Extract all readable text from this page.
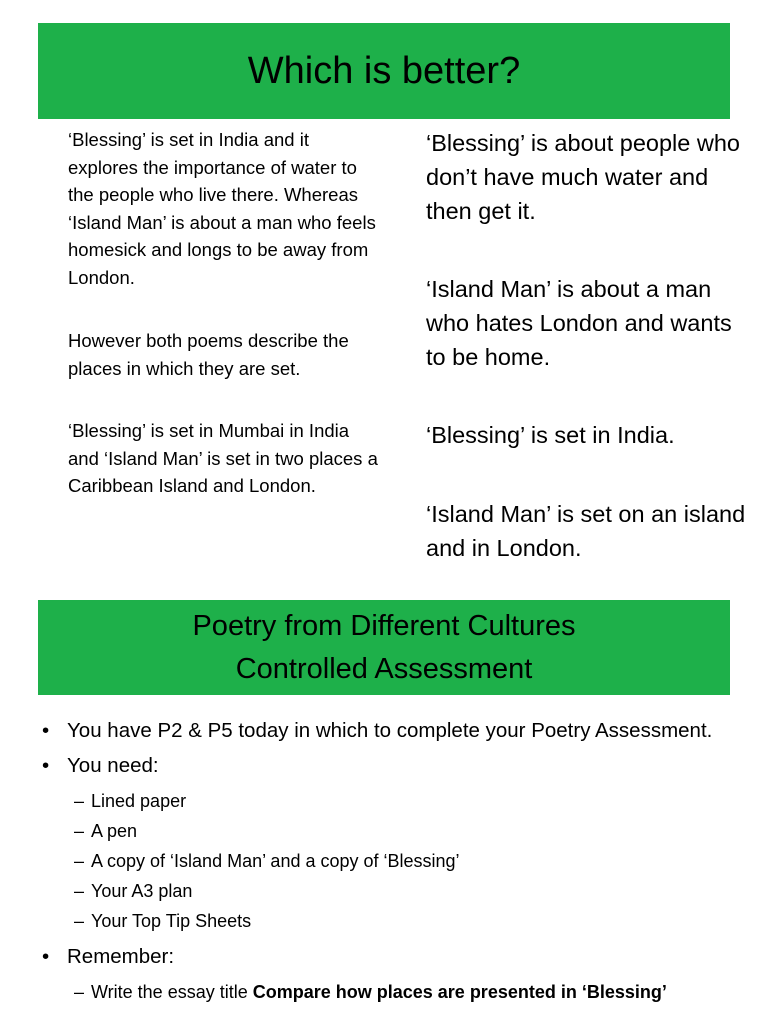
Which is better?

‘Blessing’ is set in India and it explores the importance of water to the people who live there. Whereas ‘Island Man’ is about a man who feels homesick and longs to be away from London.

However both poems describe the places in which they are set.

‘Blessing’ is set in Mumbai in India and ‘Island Man’ is set in two places a Caribbean Island and London.

‘Blessing’ is about people who don’t have much water and then get it.

‘Island Man’ is about a man who hates London and wants to be home.

‘Blessing’ is set in India.

‘Island Man’ is set on an island and in London.

Poetry from Different Cultures
Controlled Assessment
• You have P2 & P5 today in which to complete your Poetry Assessment.
• You need:
– Lined paper
– A pen
– A copy of ‘Island Man’ and a copy of ‘Blessing’
– Your A3 plan
– Your Top Tip Sheets
• Remember:
– Write the essay title Compare how places are presented in ‘Blessing’
